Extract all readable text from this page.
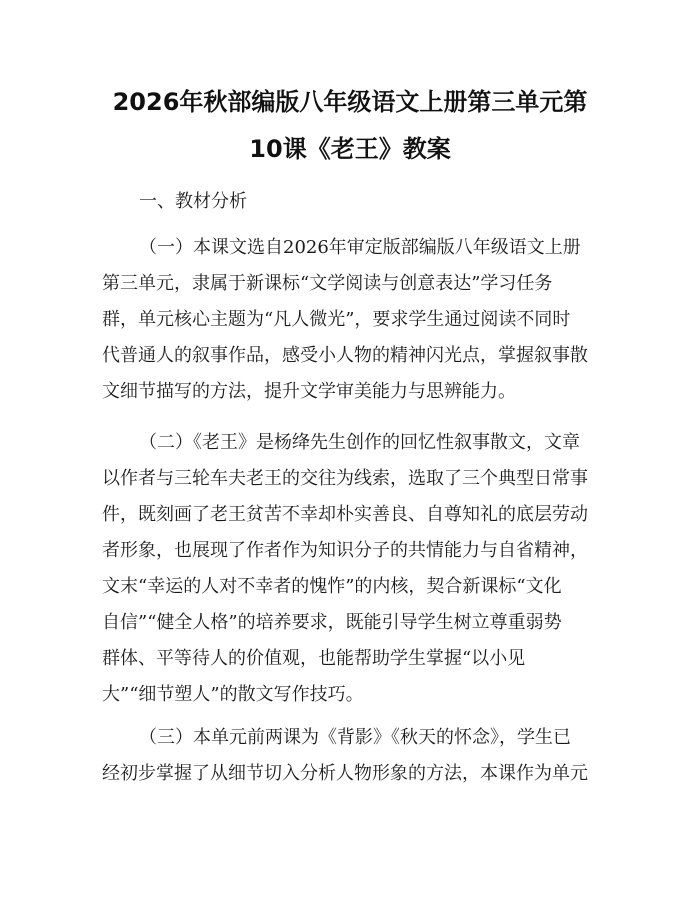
2026年秋部编版八年级语文上册第三单元第
10课《老王》教案
一、教材分析
（一）本课文选自2026年审定版部编版八年级语文上册
第三单元，隶属于新课标“文学阅读与创意表达”学习任务
群，单元核心主题为“凡人微光”，要求学生通过阅读不同时
代普通人的叙事作品，感受小人物的精神闪光点，掌握叙事散
文细节描写的方法，提升文学审美能力与思辨能力。
（二）《老王》是杨绛先生创作的回忆性叙事散文，文章
以作者与三轮车夫老王的交往为线索，选取了三个典型日常事
件，既刻画了老王贫苦不幸却朴实善良、自尊知礼的底层劳动
者形象，也展现了作者作为知识分子的共情能力与自省精神，
文末“幸运的人对不幸者的愧怍”的内核，契合新课标“文化
自信”“健全人格”的培养要求，既能引导学生树立尊重弱势
群体、平等待人的价值观，也能帮助学生掌握“以小见
大”“细节塑人”的散文写作技巧。
（三）本单元前两课为《背影》《秋天的怀念》，学生已
经初步掌握了从细节切入分析人物形象的方法，本课作为单元
